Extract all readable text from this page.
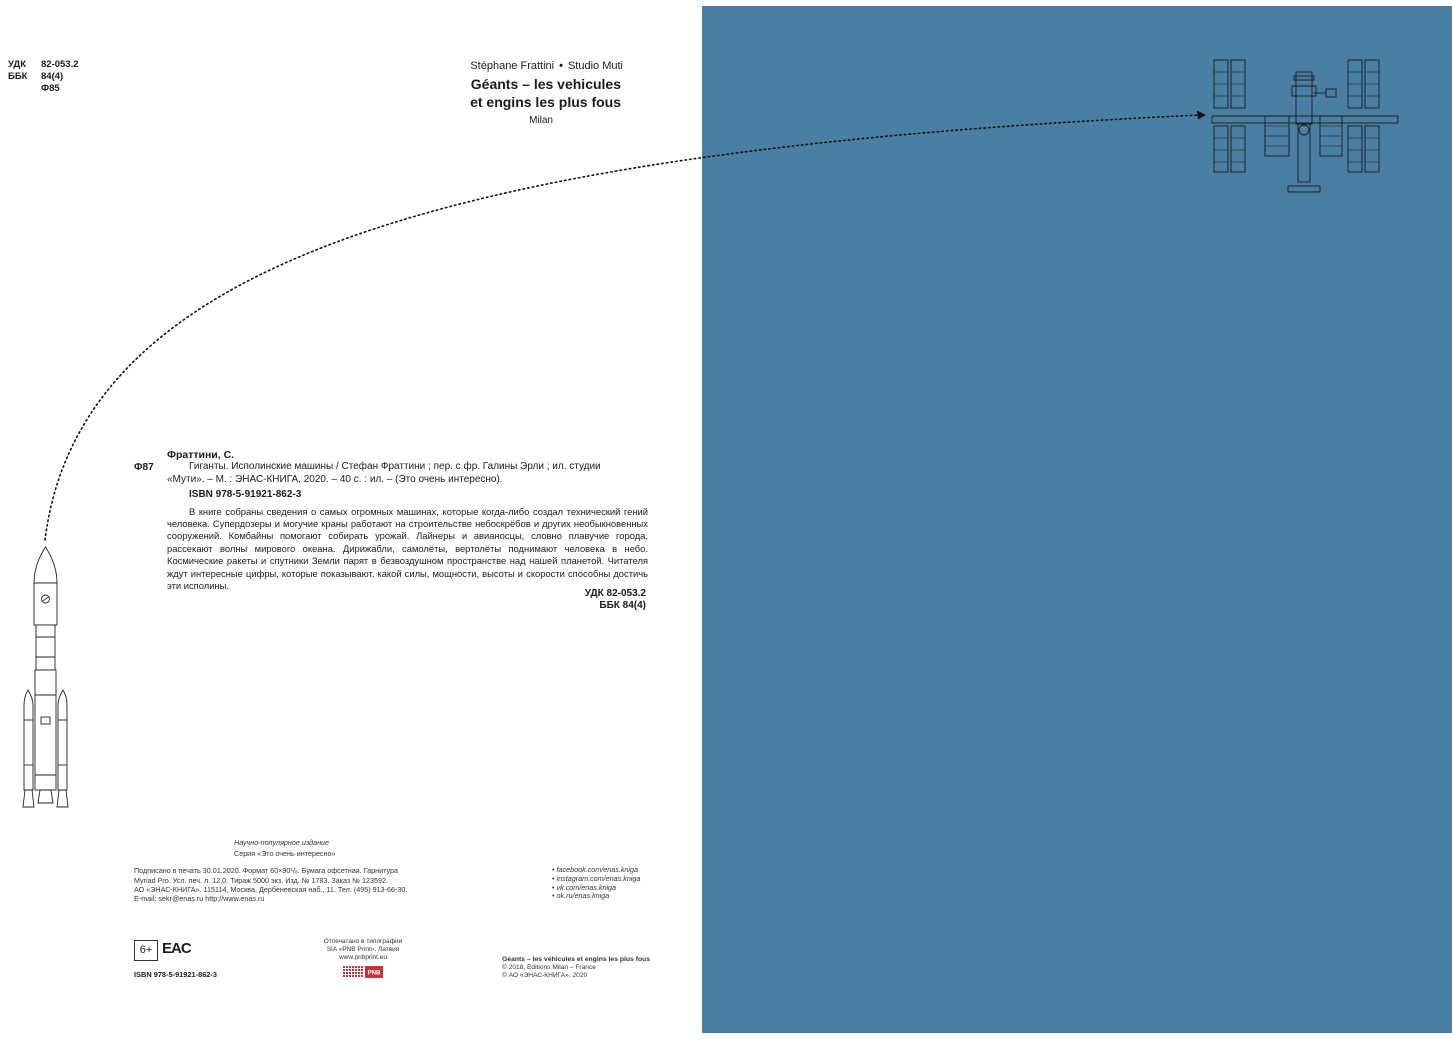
УДК	82-053.2
ББК	84(4)
Ф85
Stéphane Frattini • Studio Muti
Géants – les vehicules
et engins les plus fous
Milan
Фраттини, С.
Ф87	Гиганты. Исполинские машины / Стефан Фраттини ; пер. с фр. Галины Эрли ; ил. студии
«Мути». – М. : ЭНАС-КНИГА, 2020. – 40 с. : ил. – (Это очень интересно).
ISBN 978-5-91921-862-3
В книге собраны сведения о самых огромных машинах, которые когда-либо создал технический гений человека. Супердозеры и могучие краны работают на строительстве небоскрёбов и других необыкновенных сооружений. Комбайны помогают собирать урожай. Лайнеры и авианосцы, словно плавучие города, рассекают волны мирового океана. Дирижабли, самолёты, вертолёты поднимают человека в небо. Космические ракеты и спутники Земли парят в безвоздушном пространстве над нашей планетой. Читателя ждут интересные цифры, которые показывают, какой силы, мощности, высоты и скорости способны достичь эти исполины.
УДК 82-053.2
ББК 84(4)
Научно-популярное издание
Серия «Это очень интересно»
Подписано в печать 30.01.2020. Формат 60×90¹/₈. Бумага офсетная. Гарнитура
Myriad Pro. Усл. печ. л. 12,0. Тираж 5000 экз. Изд. № 1783. Заказ № 123592.
АО «ЭНАС-КНИГА». 115114, Москва, Дербеневская наб., 11. Тел. (495) 913-66-30.
E-mail: sekr@enas.ru http://www.enas.ru
• facebook.com/enas.kniga
• instagram.com/enas.kniga
• vk.com/enas.kniga
• ok.ru/enas.kniga
6+ EAC
ISBN 978-5-91921-862-3
Отпечатано в типографии
SIA «PNB Print», Латвия
www.pnbprint.eu
PNB
Géants – les véhicules et engins les plus fous
© 2018, Editions Milan – France
© АО «ЭНАС-КНИГА», 2020
